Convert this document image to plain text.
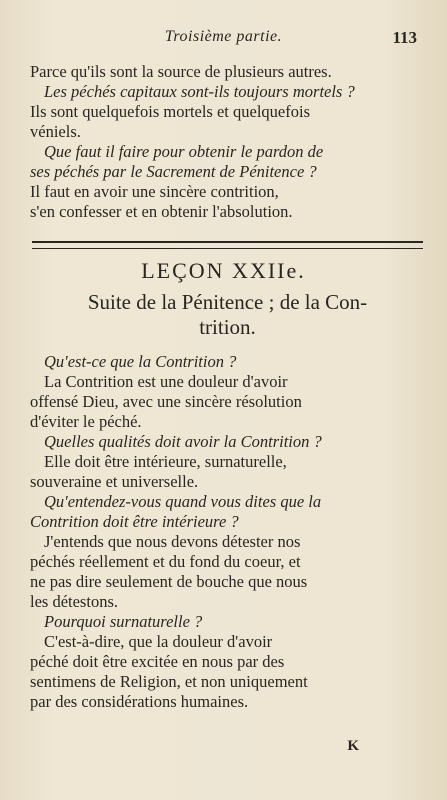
Troisième partie.	113

Parce qu'ils sont la source de plusieurs autres.

Les péchés capitaux sont-ils toujours mortels ?

Ils sont quelquefois mortels et quelquefois

véniels.

Que faut il faire pour obtenir le pardon de

ses péchés par le Sacrement de Pénitence ?

Il faut en avoir une sincère contrition,

s'en confesser et en obtenir l'absolution.

LEÇON XXIIe.
Suite de la Pénitence ; de la Con-
trition.

Qu'est-ce que la Contrition ?

La Contrition est une douleur d'avoir

offensé Dieu, avec une sincère résolution

d'éviter le péché.

Quelles qualités doit avoir la Contrition ?

Elle doit être intérieure, surnaturelle,

souveraine et universelle.

Qu'entendez-vous quand vous dites que la

Contrition doit être intérieure ?

J'entends que nous devons détester nos

péchés réellement et du fond du coeur, et

ne pas dire seulement de bouche que nous

les détestons.

Pourquoi surnaturelle ?

C'est-à-dire, que la douleur d'avoir

péché doit être excitée en nous par des

sentimens de Religion, et non uniquement

par des considérations humaines.

K
